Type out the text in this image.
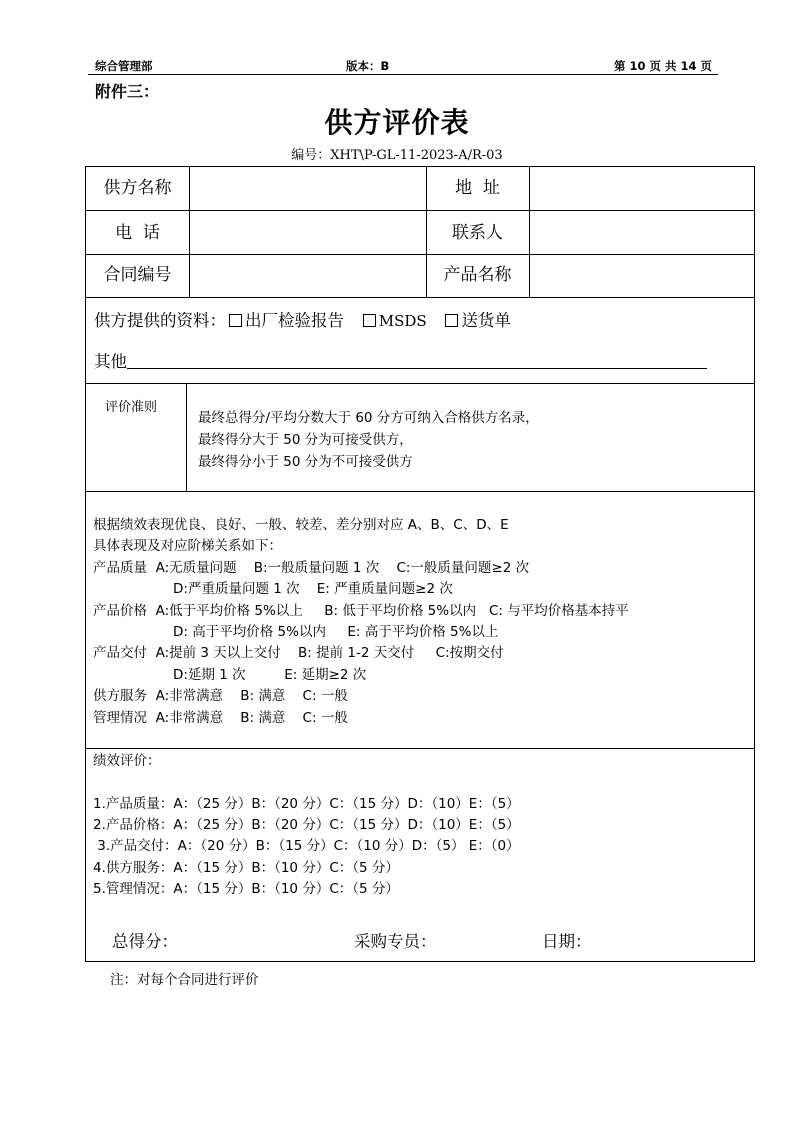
综合管理部	版本：B	第 10 页 共 14 页
附件三：
供方评价表
编号：XHT\P-GL-11-2023-A/R-03
供方名称	地  址
电  话	联系人
合同编号	产品名称
供方提供的资料： 出厂检验报告 MSDS 送货单
其他
评价准则
最终总得分/平均分数大于 60 分方可纳入合格供方名录，
最终得分大于 50 分为可接受供方，
最终得分小于 50 分为不可接受供方
根据绩效表现优良、良好、一般、较差、差分别对应 A、B、C、D、E
具体表现及对应阶梯关系如下：
产品质量  A:无质量问题    B:一般质量问题 1 次    C:一般质量问题≥2 次
D:严重质量问题 1 次    E: 严重质量问题≥2 次
产品价格  A:低于平均价格 5%以上     B: 低于平均价格 5%以内   C: 与平均价格基本持平
D: 高于平均价格 5%以内     E: 高于平均价格 5%以上
产品交付  A:提前 3 天以上交付    B: 提前 1-2 天交付     C:按期交付
D:延期 1 次         E: 延期≥2 次
供方服务  A:非常满意    B: 满意    C: 一般
管理情况  A:非常满意    B: 满意    C: 一般
绩效评价：
1.产品质量：A：（25 分）B：（20 分）C：（15 分）D：（10）E：（5）
2.产品价格：A：（25 分）B：（20 分）C：（15 分）D：（10）E：（5）
3.产品交付：A：（20 分）B：（15 分）C：（10 分）D：（5） E：（0）
4.供方服务：A：（15 分）B：（10 分）C：（5 分）
5.管理情况：A：（15 分）B：（10 分）C：（5 分）
总得分：	采购专员：	日期：
注：对每个合同进行评价
